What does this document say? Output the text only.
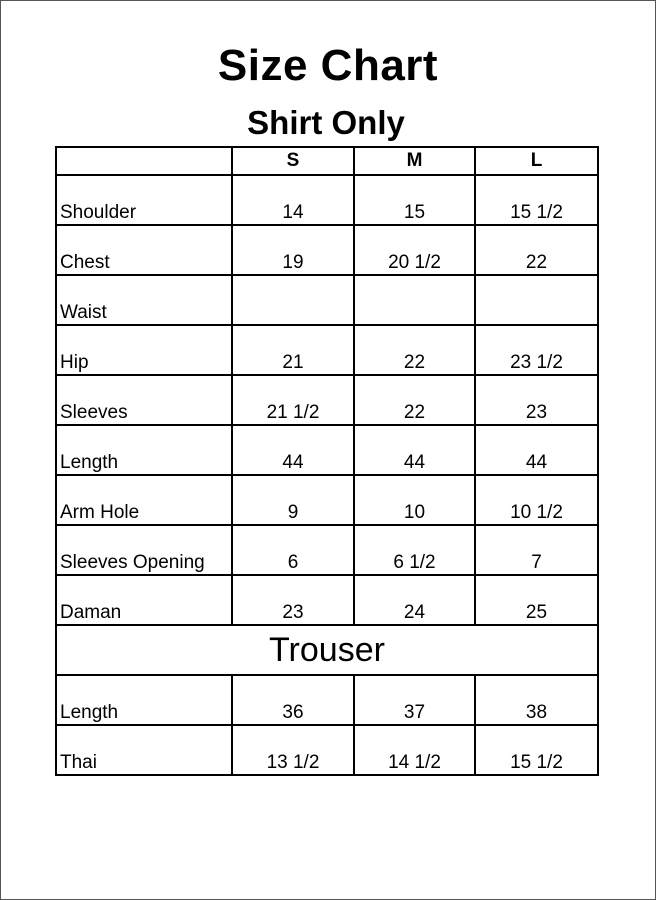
Size Chart
Shirt Only
	S	M	L
Shoulder	14	15	15 1/2
Chest	19	20 1/2	22
Waist			
Hip	21	22	23 1/2
Sleeves	21 1/2	22	23
Length	44	44	44
Arm Hole	9	10	10 1/2
Sleeves Opening	6	6 1/2	7
Daman	23	24	25
Trouser			
Length	36	37	38
Thai	13 1/2	14 1/2	15 1/2
